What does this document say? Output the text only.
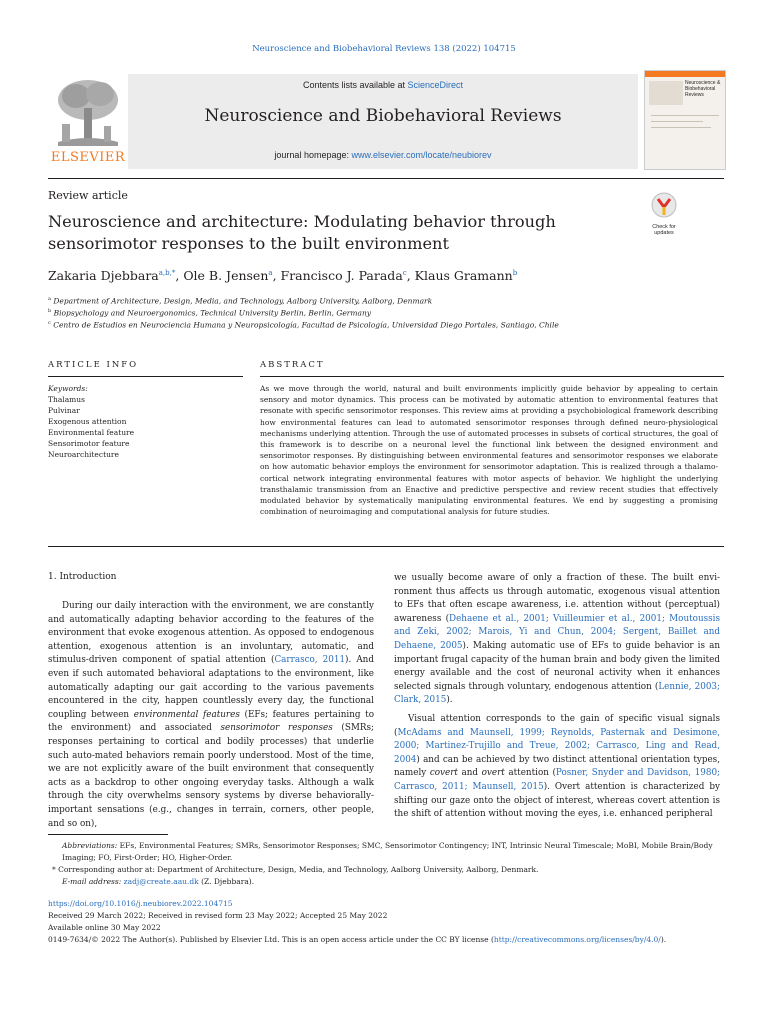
Neuroscience and Biobehavioral Reviews 138 (2022) 104715
ELSEVIER
Contents lists available at ScienceDirect
Neuroscience and Biobehavioral Reviews
journal homepage: www.elsevier.com/locate/neubiorev
Neuroscience & Biobehavioral Reviews
Review article
Neuroscience and architecture: Modulating behavior through sensorimotor responses to the built environment
Check for updates
Zakaria Djebbara$^{a,b,*}$, Ole B. Jensen$^a$, Francisco J. Parada$^c$, Klaus Gramann$^b$
$^a$ Department of Architecture, Design, Media, and Technology, Aalborg University, Aalborg, Denmark
$^b$ Biopsychology and Neuroergonomics, Technical University Berlin, Berlin, Germany
$^c$ Centro de Estudios en Neurociencia Humana y Neuropsicología, Facultad de Psicología, Universidad Diego Portales, Santiago, Chile
ARTICLE INFO	ABSTRACT
Keywords:
Thalamus
Pulvinar
Exogenous attention
Environmental feature
Sensorimotor feature
Neuroarchitecture
As we move through the world, natural and built environments implicitly guide behavior by appealing to certain sensory and motor dynamics. This process can be motivated by automatic attention to environmental features that resonate with specific sensorimotor responses. This review aims at providing a psychobiological framework describing how environmental features can lead to automated sensorimotor responses through defined neuro-physiological mechanisms underlying attention. Through the use of automated processes in subsets of cortical structures, the goal of this framework is to describe on a neuronal level the functional link between the designed environment and sensorimotor responses. By distinguishing between environmental features and sensorimotor responses we elaborate on how automatic behavior employs the environment for sensorimotor adaptation. This is realized through a thalamo-cortical network integrating environmental features with motor aspects of behavior. We highlight the underlying transthalamic transmission from an Enactive and predictive perspective and review recent studies that effectively modulated behavior by systematically manipulating environmental features. We end by suggesting a promising combination of neuroimaging and computational analysis for future studies.
1. Introduction

During our daily interaction with the environment, we are constantly and automatically adapting behavior according to the features of the environment that evoke exogenous attention. As opposed to endogenous attention, exogenous attention is an involuntary, automatic, and stimulus-driven component of spatial attention (Carrasco, 2011). And even if such automated behavioral adaptations to the environment, like automatically adapting our gait according to the various pavements encountered in the city, happen countlessly every day, the functional coupling between environmental features (EFs; features pertaining to the environment) and associated sensorimotor responses (SMRs; responses pertaining to cortical and bodily processes) that underlie such auto-mated behaviors remain poorly understood. Most of the time, we are not explicitly aware of the built environment that consequently acts as a backdrop to other ongoing everyday tasks. Although a walk through the city overwhelms sensory systems by diverse behaviorally-important sensations (e.g., changes in terrain, corners, other people, and so on),

we usually become aware of only a fraction of these. The built envi-ronment thus affects us through automatic, exogenous visual attention to EFs that often escape awareness, i.e. attention without (perceptual) awareness (Dehaene et al., 2001; Vuilleumier et al., 2001; Moutoussis and Zeki, 2002; Marois, Yi and Chun, 2004; Sergent, Baillet and Dehaene, 2005). Making automatic use of EFs to guide behavior is an important frugal capacity of the human brain and body given the limited energy available and the cost of neuronal activity when it enhances selected signals through voluntary, endogenous attention (Lennie, 2003; Clark, 2015).

Visual attention corresponds to the gain of specific visual signals (McAdams and Maunsell, 1999; Reynolds, Pasternak and Desimone, 2000; Martinez-Trujillo and Treue, 2002; Carrasco, Ling and Read, 2004) and can be achieved by two distinct attentional orientation types, namely covert and overt attention (Posner, Snyder and Davidson, 1980; Carrasco, 2011; Maunsell, 2015). Overt attention is characterized by shifting our gaze onto the object of interest, whereas covert attention is the shift of attention without moving the eyes, i.e. enhanced peripheral

Abbreviations: EFs, Environmental Features; SMRs, Sensorimotor Responses; SMC, Sensorimotor Contingency; INT, Intrinsic Neural Timescale; MoBI, Mobile Brain/Body Imaging; FO, First-Order; HO, Higher-Order.
* Corresponding author at: Department of Architecture, Design, Media, and Technology, Aalborg University, Aalborg, Denmark.
E-mail address: zadj@create.aau.dk (Z. Djebbara).
https://doi.org/10.1016/j.neubiorev.2022.104715
Received 29 March 2022; Received in revised form 23 May 2022; Accepted 25 May 2022
Available online 30 May 2022
0149-7634/© 2022 The Author(s). Published by Elsevier Ltd. This is an open access article under the CC BY license (http://creativecommons.org/licenses/by/4.0/).
